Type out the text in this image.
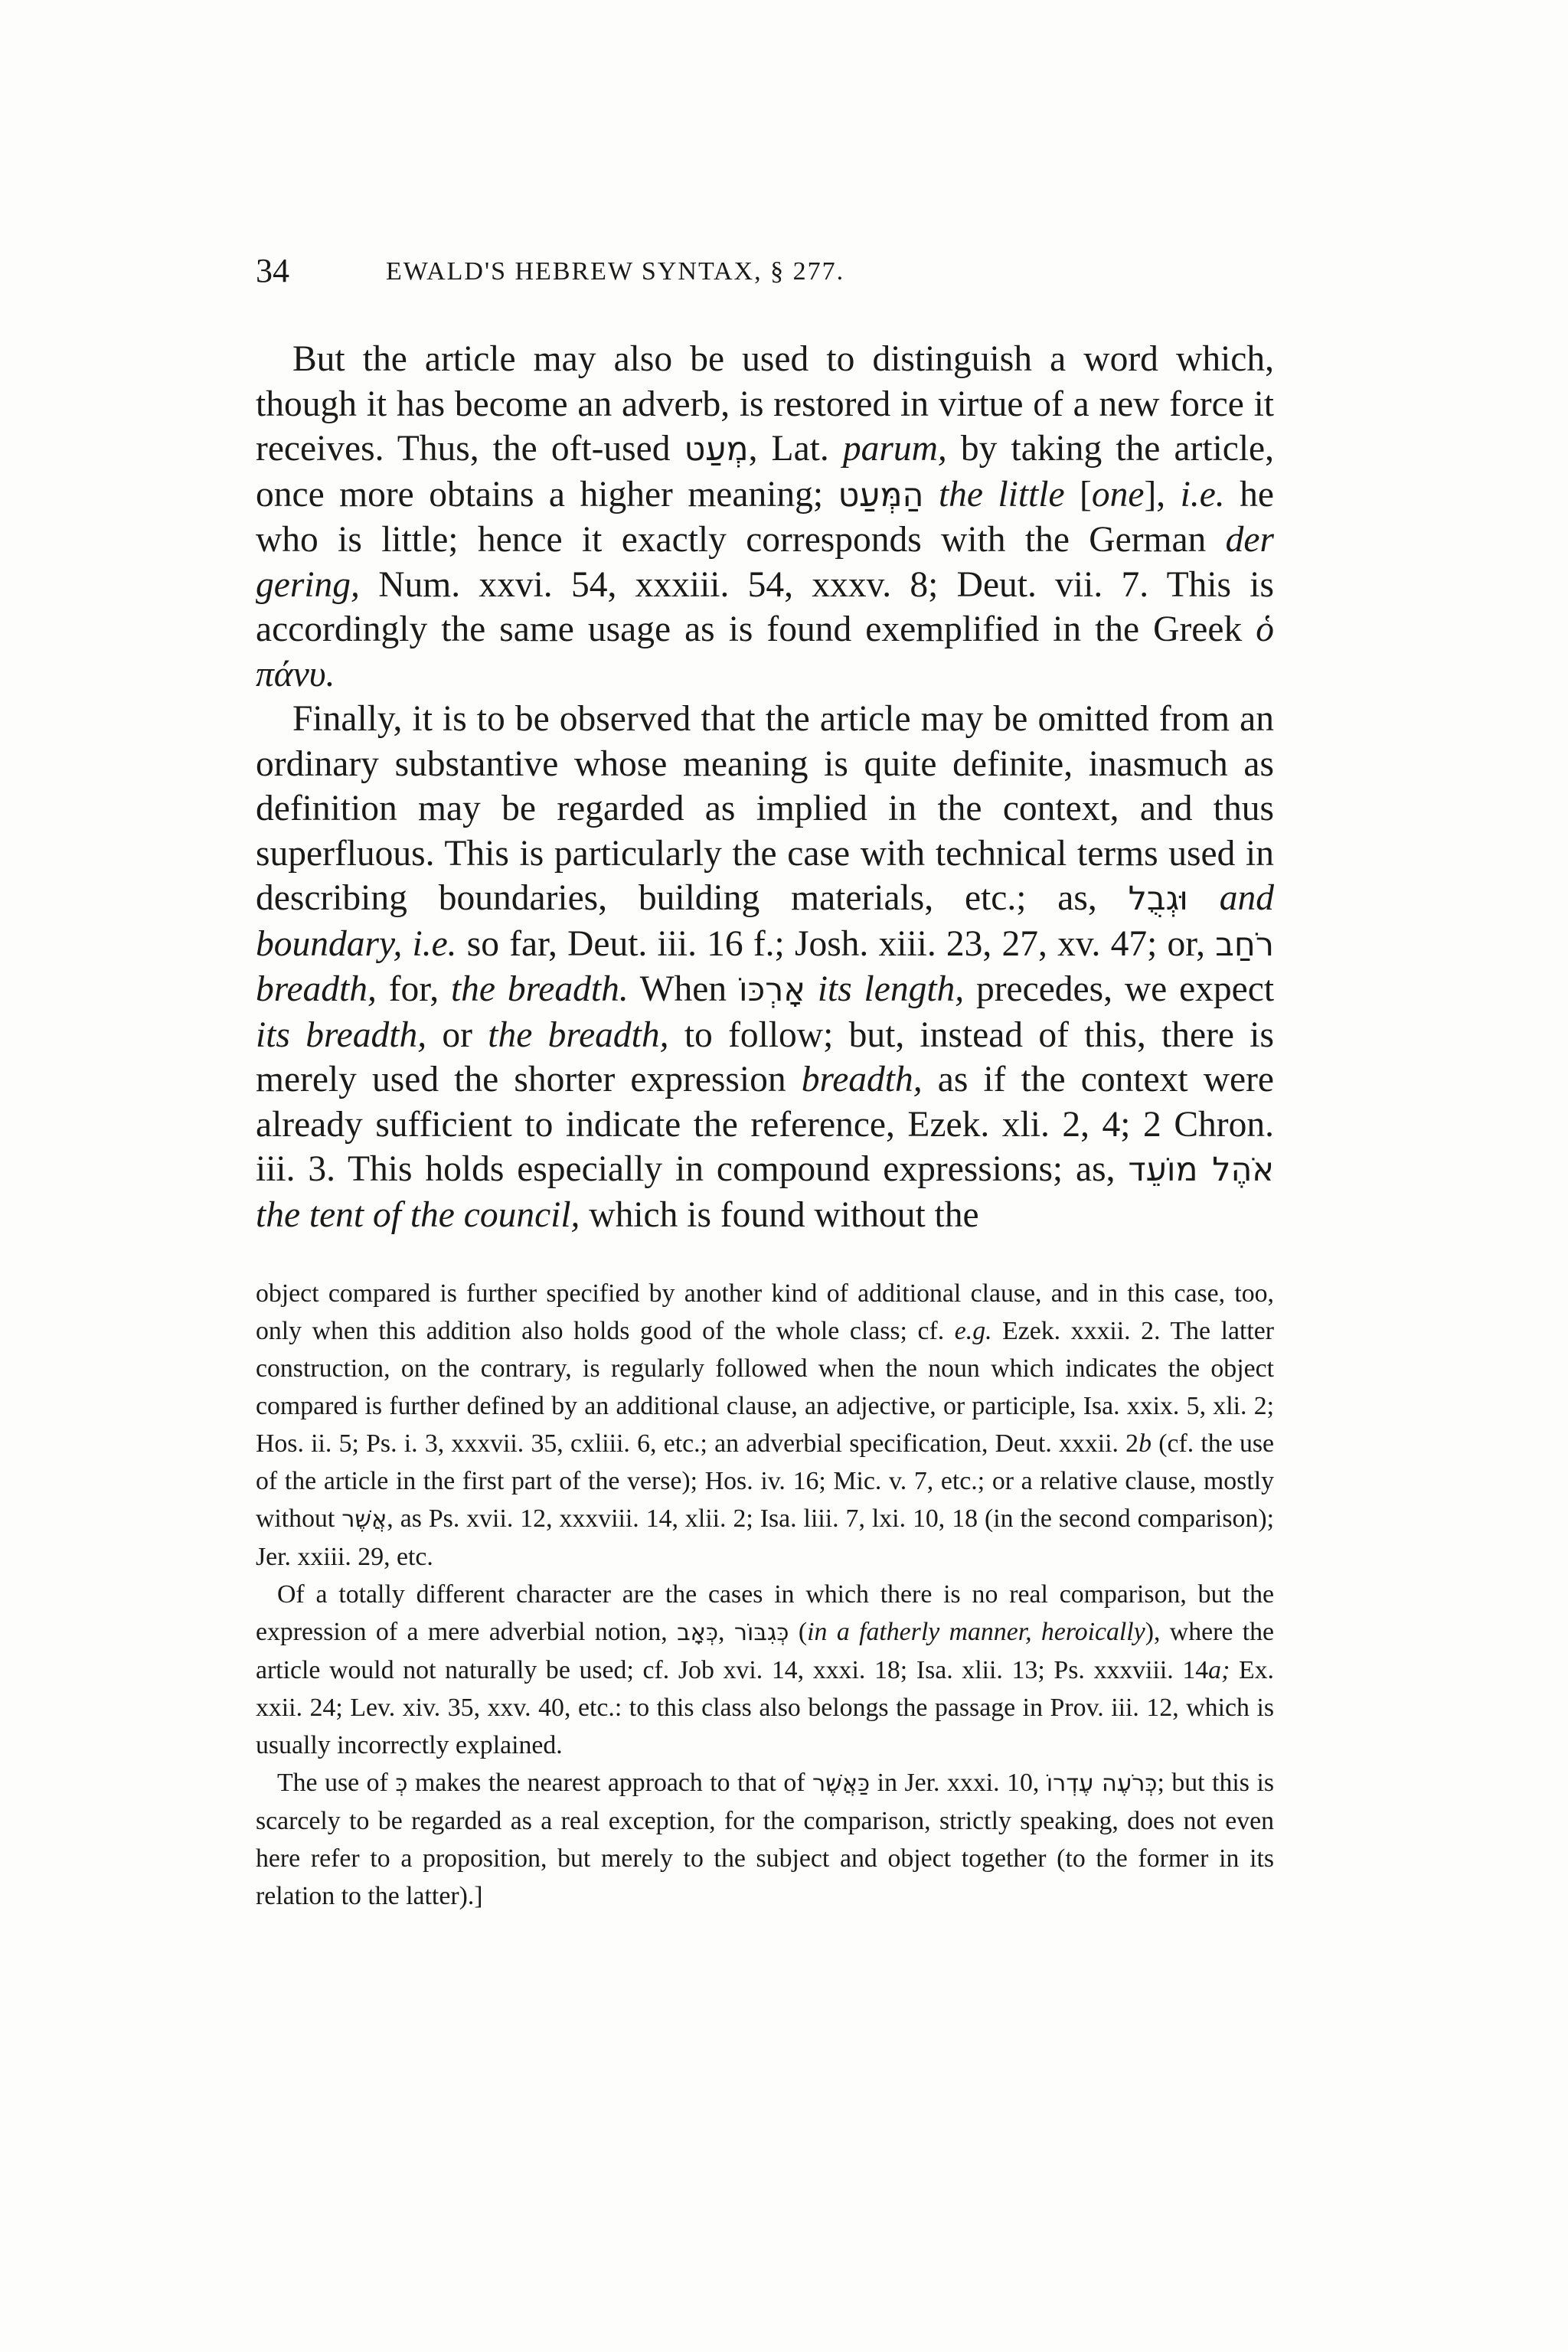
34	EWALD'S HEBREW SYNTAX, § 277.

But the article may also be used to distinguish a word which, though it has become an adverb, is restored in virtue of a new force it receives. Thus, the oft-used מְעַט, Lat. parum, by taking the article, once more obtains a higher meaning; הַמְּעַט the little [one], i.e. he who is little; hence it exactly corresponds with the German der gering, Num. xxvi. 54, xxxiii. 54, xxxv. 8; Deut. vii. 7. This is accordingly the same usage as is found exemplified in the Greek ὁ πάνυ.

Finally, it is to be observed that the article may be omitted from an ordinary substantive whose meaning is quite definite, inasmuch as definition may be regarded as implied in the context, and thus superfluous. This is particularly the case with technical terms used in describing boundaries, building materials, etc.; as, וּגְבֻל and boundary, i.e. so far, Deut. iii. 16 f.; Josh. xiii. 23, 27, xv. 47; or, רֹחַב breadth, for, the breadth. When אָרְכּוֹ its length, precedes, we expect its breadth, or the breadth, to follow; but, instead of this, there is merely used the shorter expression breadth, as if the context were already sufficient to indicate the reference, Ezek. xli. 2, 4; 2 Chron. iii. 3. This holds especially in compound expressions; as, אֹהֶל מוֹעֵד the tent of the council, which is found without the

object compared is further specified by another kind of additional clause, and in this case, too, only when this addition also holds good of the whole class; cf. e.g. Ezek. xxxii. 2. The latter construction, on the contrary, is regularly followed when the noun which indicates the object compared is further defined by an additional clause, an adjective, or participle, Isa. xxix. 5, xli. 2; Hos. ii. 5; Ps. i. 3, xxxvii. 35, cxliii. 6, etc.; an adverbial specification, Deut. xxxii. 2b (cf. the use of the article in the first part of the verse); Hos. iv. 16; Mic. v. 7, etc.; or a relative clause, mostly without אֲשֶׁר, as Ps. xvii. 12, xxxviii. 14, xlii. 2; Isa. liii. 7, lxi. 10, 18 (in the second comparison); Jer. xxiii. 29, etc.

Of a totally different character are the cases in which there is no real comparison, but the expression of a mere adverbial notion, כְּאָב, כְּגִבּוֹר (in a fatherly manner, heroically), where the article would not naturally be used; cf. Job xvi. 14, xxxi. 18; Isa. xlii. 13; Ps. xxxviii. 14a; Ex. xxii. 24; Lev. xiv. 35, xxv. 40, etc.: to this class also belongs the passage in Prov. iii. 12, which is usually incorrectly explained.

The use of כְּ makes the nearest approach to that of כַּאֲשֶׁר in Jer. xxxi. 10, כְּרֹעֶה עֶדְרוֹ; but this is scarcely to be regarded as a real exception, for the comparison, strictly speaking, does not even here refer to a proposition, but merely to the subject and object together (to the former in its relation to the latter).]
